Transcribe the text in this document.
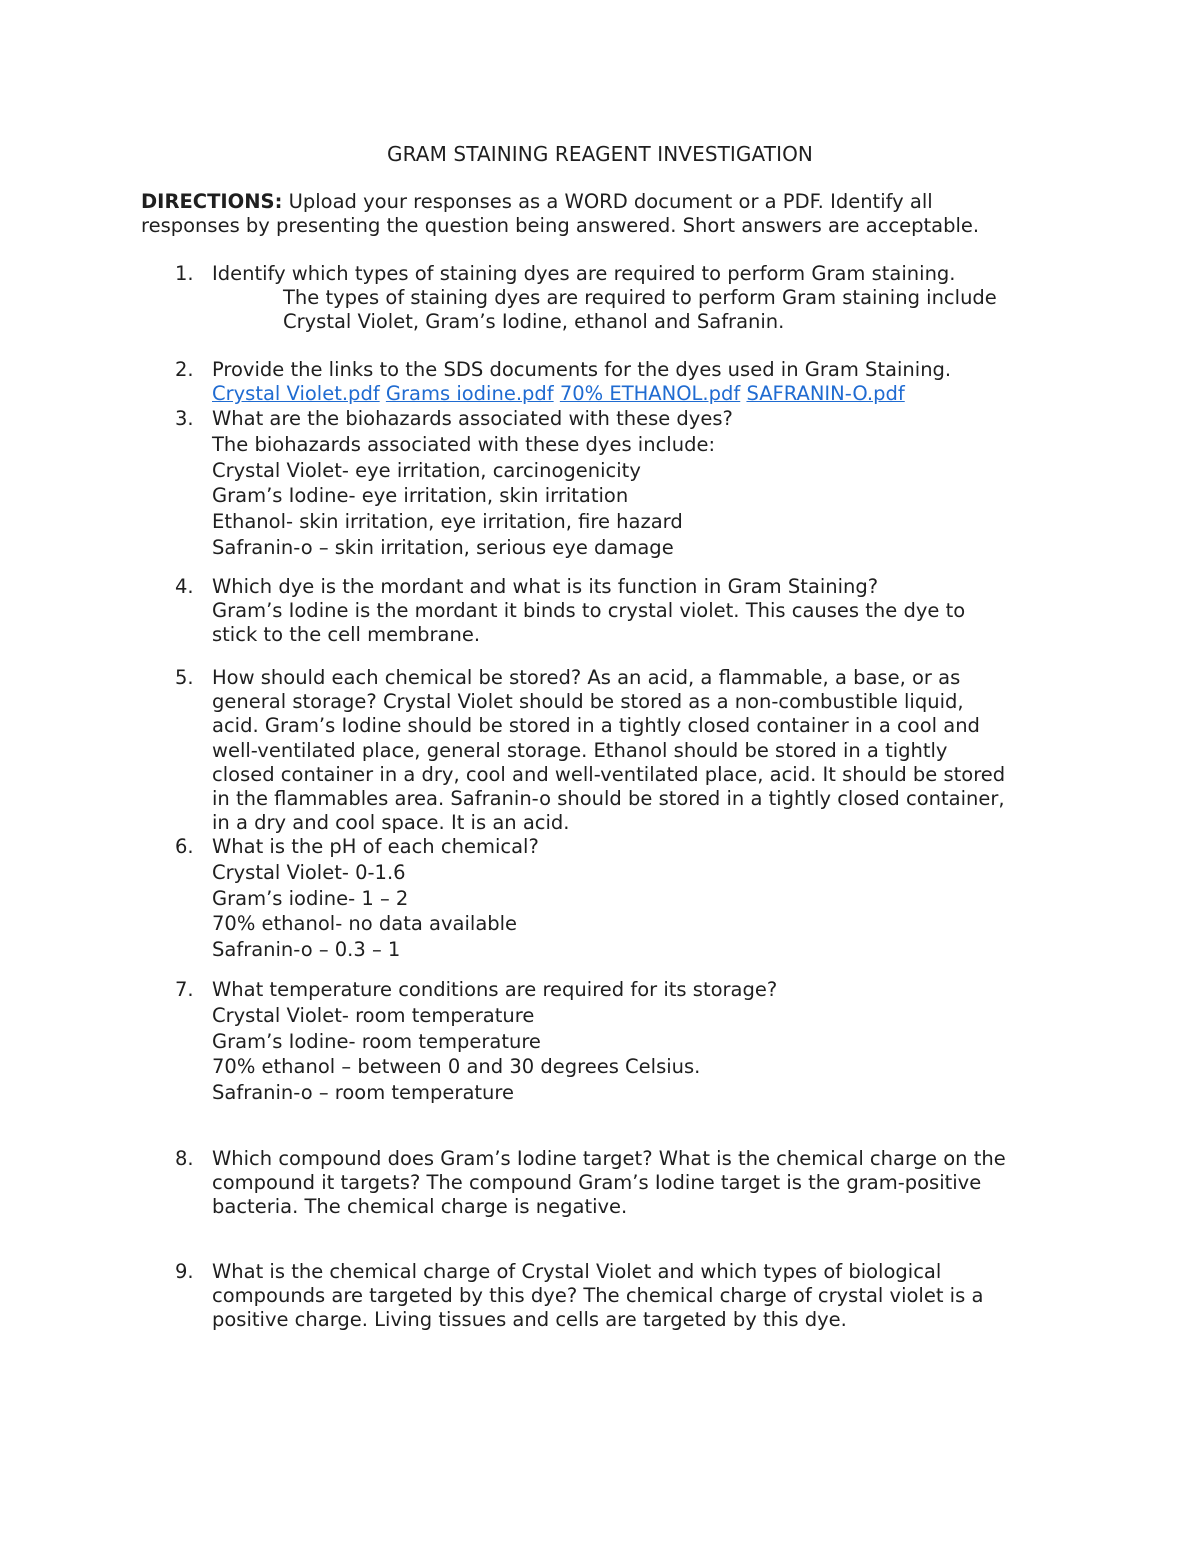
GRAM STAINING REAGENT INVESTIGATION
DIRECTIONS: Upload your responses as a WORD document or a PDF. Identify all
responses by presenting the question being answered. Short answers are acceptable.
1. Identify which types of staining dyes are required to perform Gram staining.
The types of staining dyes are required to perform Gram staining include
Crystal Violet, Gram’s Iodine, ethanol and Safranin.
2. Provide the links to the SDS documents for the dyes used in Gram Staining.
Crystal Violet.pdf Grams iodine.pdf 70% ETHANOL.pdf SAFRANIN-O.pdf
3. What are the biohazards associated with these dyes?
The biohazards associated with these dyes include:
Crystal Violet- eye irritation, carcinogenicity
Gram’s Iodine- eye irritation, skin irritation
Ethanol- skin irritation, eye irritation, fire hazard
Safranin-o – skin irritation, serious eye damage
4. Which dye is the mordant and what is its function in Gram Staining?
Gram’s Iodine is the mordant it binds to crystal violet. This causes the dye to
stick to the cell membrane.
5. How should each chemical be stored? As an acid, a flammable, a base, or as
general storage? Crystal Violet should be stored as a non-combustible liquid,
acid. Gram’s Iodine should be stored in a tightly closed container in a cool and
well-ventilated place, general storage. Ethanol should be stored in a tightly
closed container in a dry, cool and well-ventilated place, acid. It should be stored
in the flammables area. Safranin-o should be stored in a tightly closed container,
in a dry and cool space. It is an acid.
6. What is the pH of each chemical?
Crystal Violet- 0-1.6
Gram’s iodine- 1 – 2
70% ethanol- no data available
Safranin-o – 0.3 – 1
7. What temperature conditions are required for its storage?
Crystal Violet- room temperature
Gram’s Iodine- room temperature
70% ethanol – between 0 and 30 degrees Celsius.
Safranin-o – room temperature
8. Which compound does Gram’s Iodine target? What is the chemical charge on the
compound it targets? The compound Gram’s Iodine target is the gram-positive
bacteria. The chemical charge is negative.
9. What is the chemical charge of Crystal Violet and which types of biological
compounds are targeted by this dye? The chemical charge of crystal violet is a
positive charge. Living tissues and cells are targeted by this dye.
